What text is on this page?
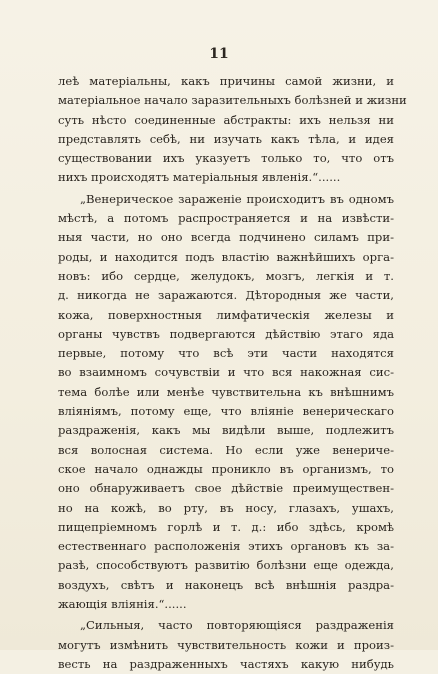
11
леѣ матеріальны, какъ причины самой жизни, и
матеріальное начало заразительныхъ болѣзней и жизни
суть нѣсто соединенные абстракты: ихъ нельзя ни
представлять себѣ, ни изучать какъ тѣла, и идея
существовании ихъ указуетъ только то, что отъ
нихъ происходятъ матеріальныя явленія.“......
„Венерическое зараженіе происходитъ въ одномъ
мѣстѣ, а потомъ распространяется и на извѣсти-
ныя части, но оно всегда подчинено силамъ при-
роды, и находится подъ властію важнѣйшихъ орга-
новъ: ибо сердце, желудокъ, мозгъ, легкія и т.
д. никогда не заражаются. Дѣтородныя же части,
кожа, поверхностныя лимфатическія железы и
органы чувствъ подвергаются дѣйствію этаго яда
первые, потому что всѣ эти части находятся
во взаимномъ сочувствіи и что вся накожная сис-
тема болѣе или менѣе чувствительна къ внѣшнимъ
вліяніямъ, потому еще, что вліяніе венерическаго
раздраженія, какъ мы видѣли выше, подлежитъ
вся волосная система. Но если уже венериче-
ское начало однажды проникло въ организмъ, то
оно обнаруживаетъ свое дѣйствіе преимуществен-
но на кожѣ, во рту, въ носу, глазахъ, ушахъ,
пищепріемномъ горлѣ и т. д.: ибо здѣсь, кромѣ
естественнаго расположенія этихъ органовъ къ за-
разѣ, способствуютъ развитію болѣзни еще одежда,
воздухъ, свѣтъ и наконецъ всѣ внѣшнія раздра-
жающія вліянія.“......
„Сильныя, часто повторяющіяся раздраженія
могутъ измѣнить чувствительность кожи и произ-
весть на раздраженныхъ частяхъ какую нибудь
